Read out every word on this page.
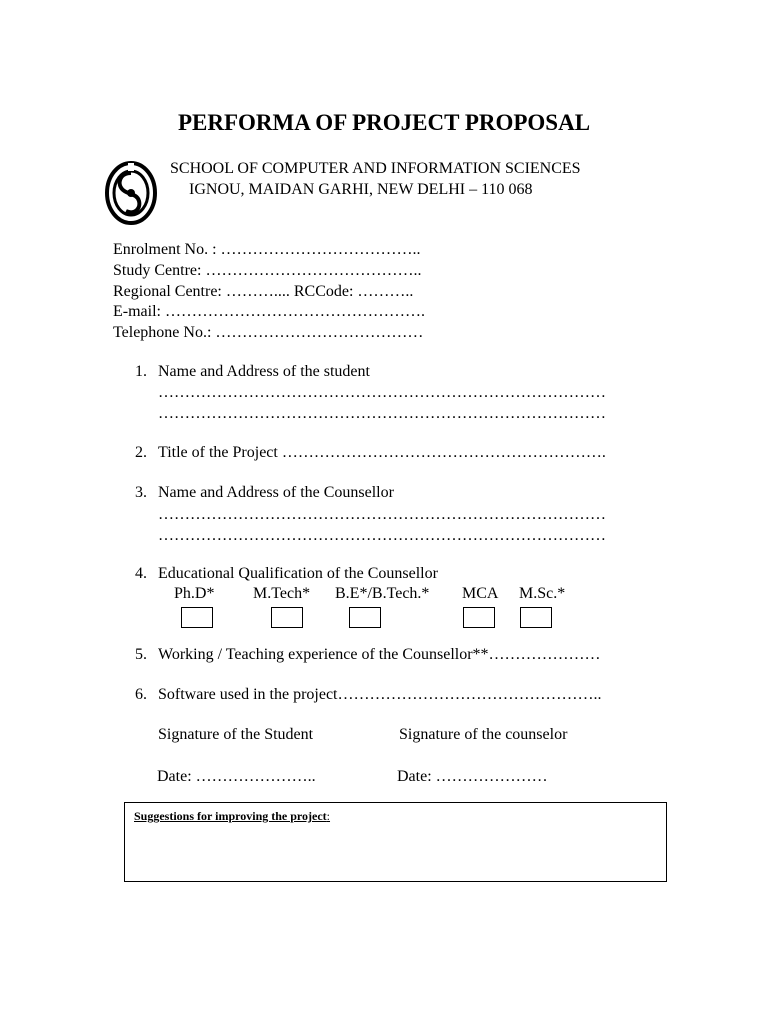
PERFORMA OF PROJECT PROPOSAL
SCHOOL OF COMPUTER AND INFORMATION SCIENCES
IGNOU, MAIDAN GARHI, NEW DELHI – 110 068
Enrolment No. : ………………………………..
Study Centre: …………………………………..
Regional Centre: ……….... RCCode: ………..
E-mail: ………………………………………….
Telephone No.: …………………………………
1. Name and Address of the student
…………………………………………………………………………
…………………………………………………………………………
2. Title of the Project …………………………………………………….
3. Name and Address of the Counsellor
…………………………………………………………………………
…………………………………………………………………………
4. Educational Qualification of the Counsellor
Ph.D* M.Tech* B.E*/B.Tech.* MCA M.Sc.*
5. Working / Teaching experience of the Counsellor**…………………
6. Software used in the project…………………………………………..
Signature of the Student	Signature of the counselor
Date: …………………..	Date: …………………
Suggestions for improving the project:
